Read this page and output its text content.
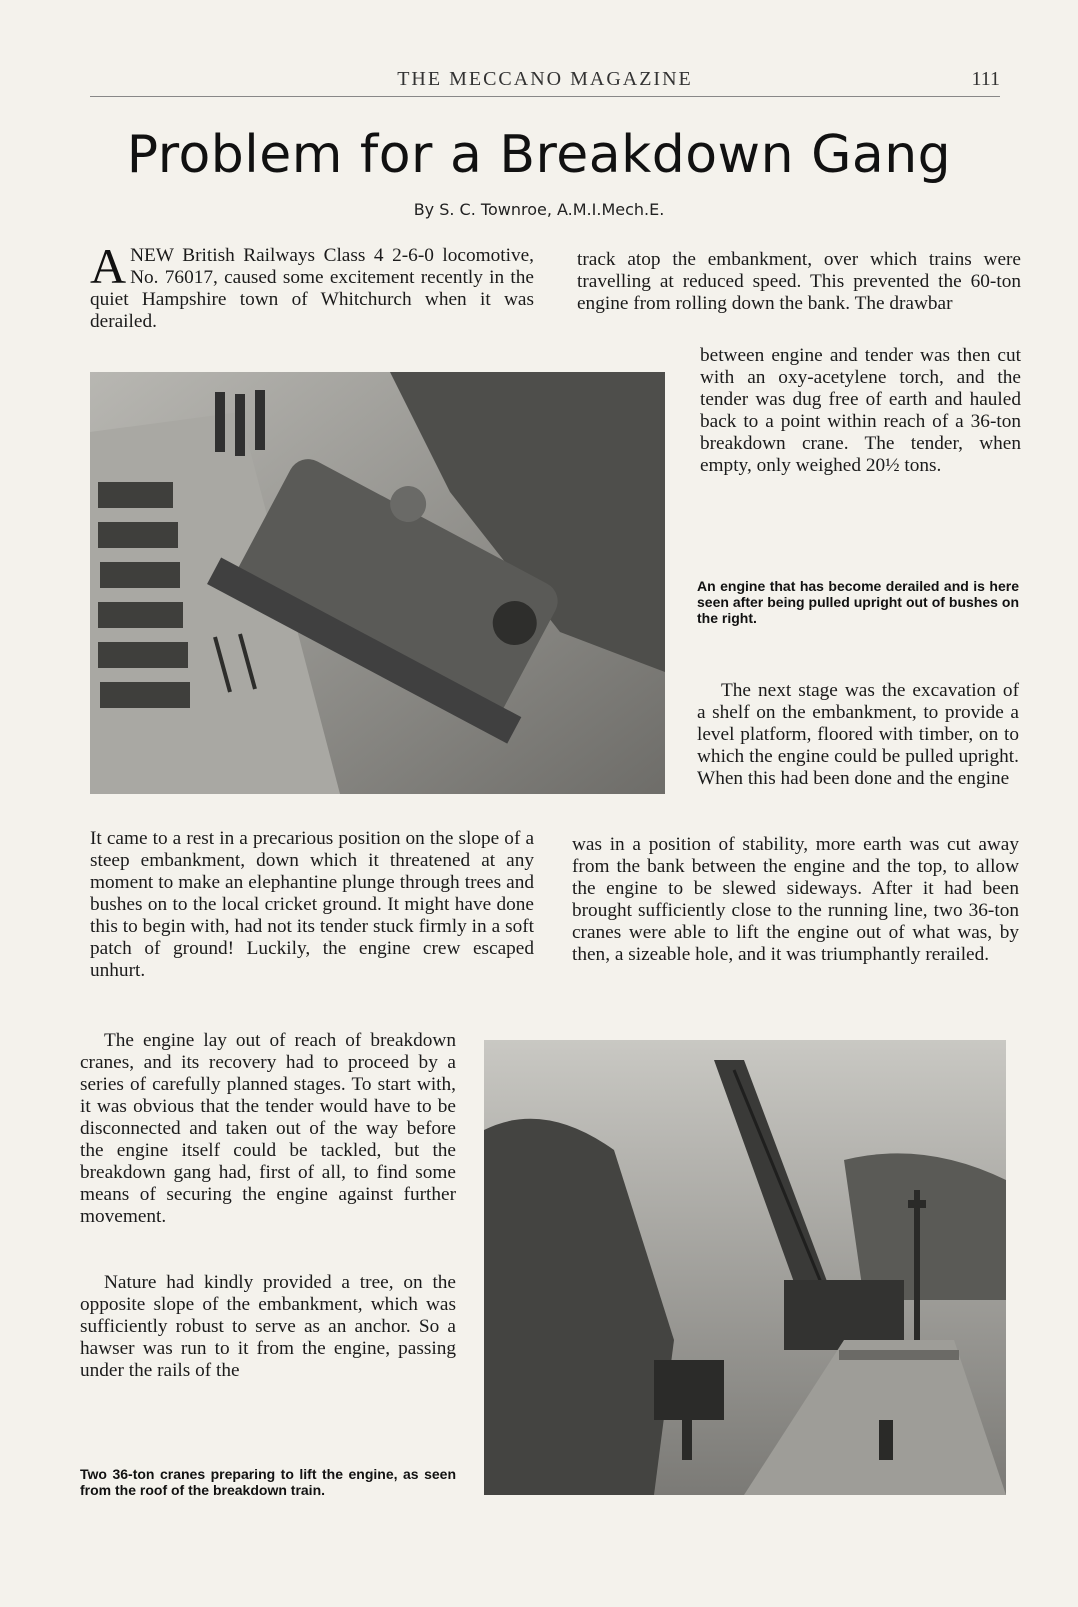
THE MECCANO MAGAZINE	111
Problem for a Breakdown Gang
By S. C. Townroe, A.M.I.Mech.E.

ANEW British Railways Class 4 2-6-0 locomotive, No. 76017, caused some excitement recently in the quiet Hampshire town of Whitchurch when it was derailed.

track atop the embankment, over which trains were travelling at reduced speed. This prevented the 60-ton engine from rolling down the bank. The drawbar

between engine and tender was then cut with an oxy-acetylene torch, and the tender was dug free of earth and hauled back to a point within reach of a 36-ton breakdown crane. The tender, when empty, only weighed 20½ tons.

An engine that has become derailed and is here seen after being pulled upright out of bushes on the right.

The next stage was the excavation of a shelf on the embankment, to provide a level platform, floored with timber, on to which the engine could be pulled upright. When this had been done and the engine

was in a position of stability, more earth was cut away from the bank between the engine and the top, to allow the engine to be slewed sideways. After it had been brought sufficiently close to the running line, two 36-ton cranes were able to lift the engine out of what was, by then, a sizeable hole, and it was triumphantly rerailed.

It came to a rest in a precarious position on the slope of a steep embankment, down which it threatened at any moment to make an elephantine plunge through trees and bushes on to the local cricket ground. It might have done this to begin with, had not its tender stuck firmly in a soft patch of ground! Luckily, the engine crew escaped unhurt.

The engine lay out of reach of breakdown cranes, and its recovery had to proceed by a series of carefully planned stages. To start with, it was obvious that the tender would have to be disconnected and taken out of the way before the engine itself could be tackled, but the breakdown gang had, first of all, to find some means of securing the engine against further movement.

Nature had kindly provided a tree, on the opposite slope of the embankment, which was sufficiently robust to serve as an anchor. So a hawser was run to it from the engine, passing under the rails of the

Two 36-ton cranes preparing to lift the engine, as seen from the roof of the breakdown train.
